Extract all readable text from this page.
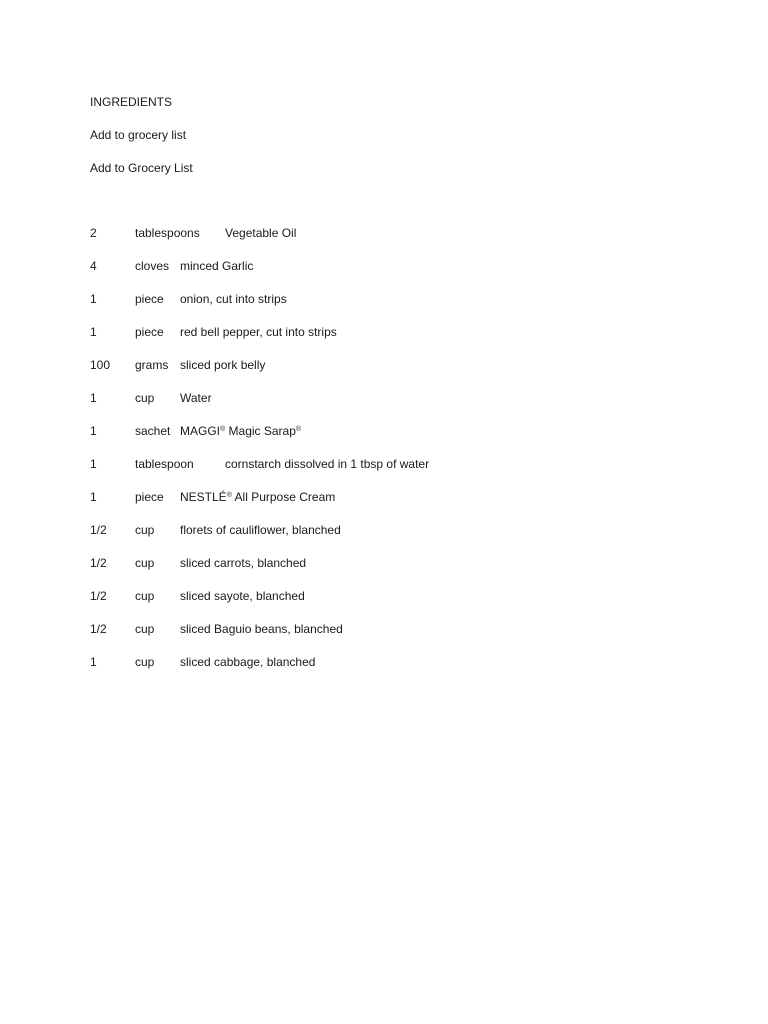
INGREDIENTS
Add to grocery list
Add to Grocery List
2	tablespoons Vegetable Oil
4	cloves minced Garlic
1	piece onion, cut into strips
1	piece red bell pepper, cut into strips
100 grams sliced pork belly
1	cup Water
1	sachet MAGGI® Magic Sarap®
1	tablespoon	cornstarch dissolved in 1 tbsp of water
1	piece NESTLÉ® All Purpose Cream
1/2 cup florets of cauliflower, blanched
1/2 cup sliced carrots, blanched
1/2 cup sliced sayote, blanched
1/2 cup sliced Baguio beans, blanched
1	cup sliced cabbage, blanched
